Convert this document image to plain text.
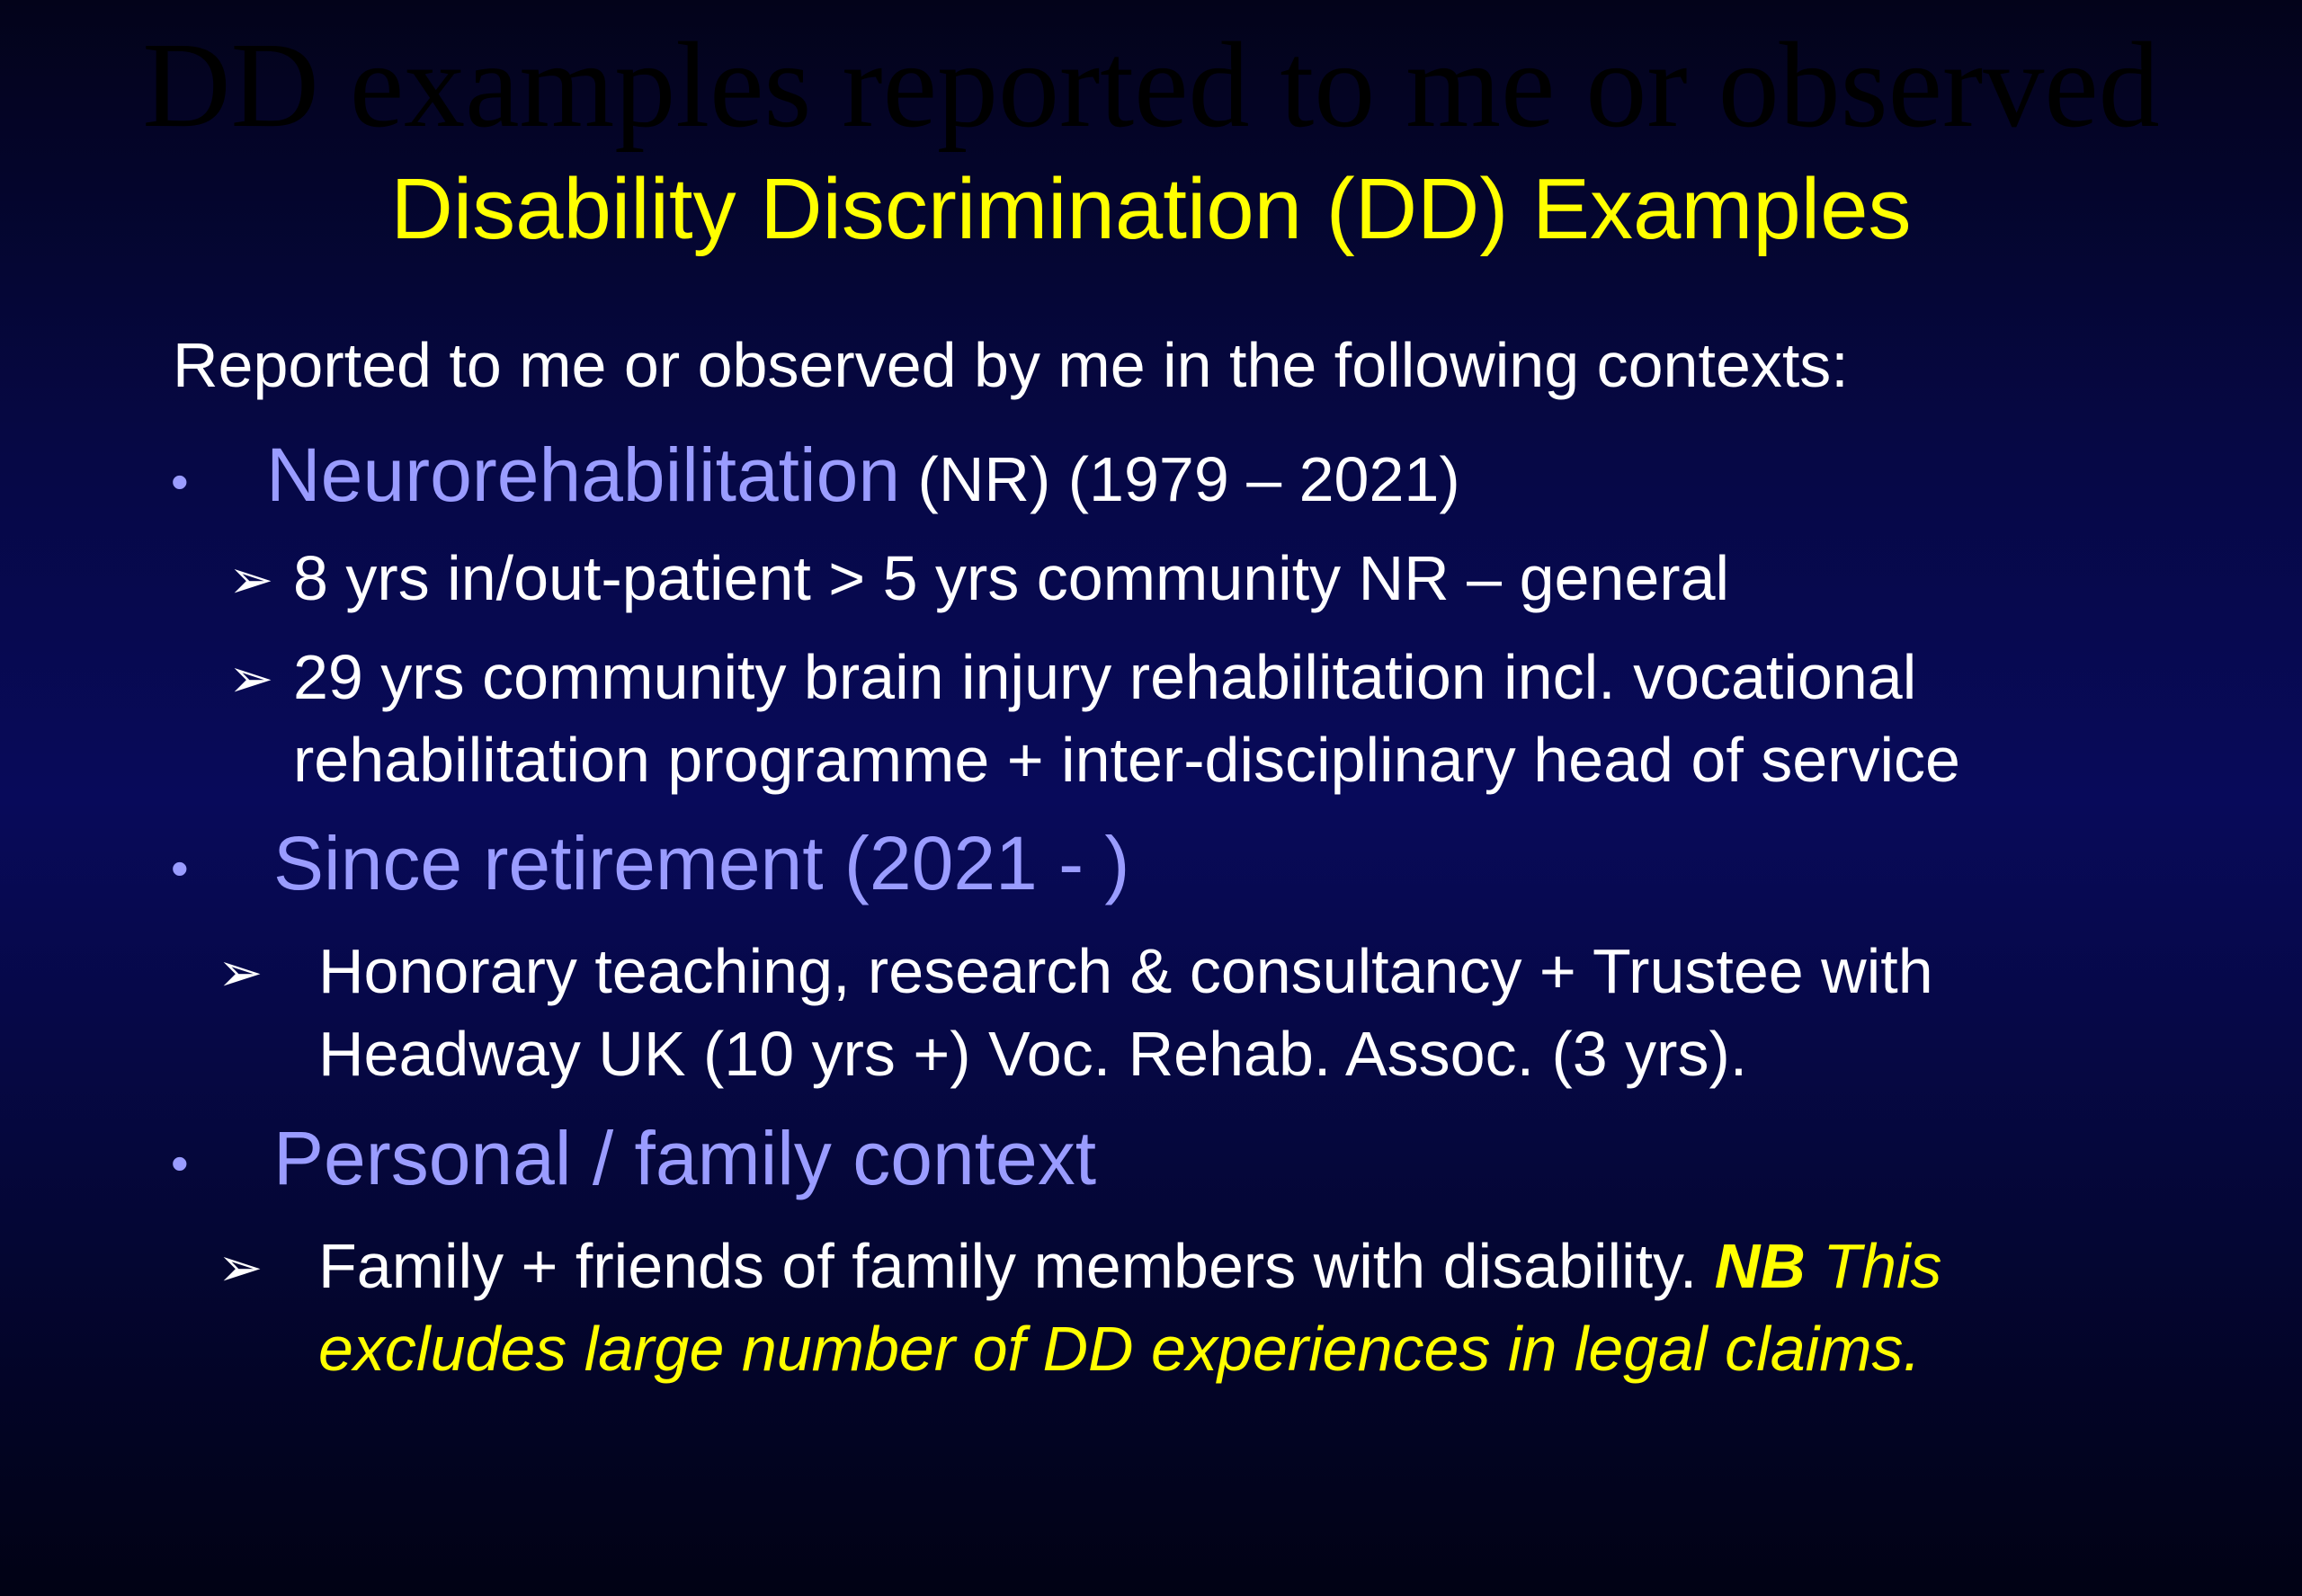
DD examples reported to me or observed
Disability Discrimination (DD) Examples
Reported to me or observed by me in the following contexts:
• Neurorehabilitation (NR) (1979 – 2021)
➢ 8 yrs in/out-patient > 5 yrs community NR – general
➢ 29 yrs community brain injury rehabilitation incl. vocational
rehabilitation programme + inter-disciplinary head of service
• Since retirement (2021 - )
➢ Honorary teaching, research & consultancy + Trustee with
Headway UK (10 yrs +) Voc. Rehab. Assoc. (3 yrs).
• Personal / family context
➢ Family + friends of family members with disability. NB This
excludes large number of DD experiences in legal claims.
